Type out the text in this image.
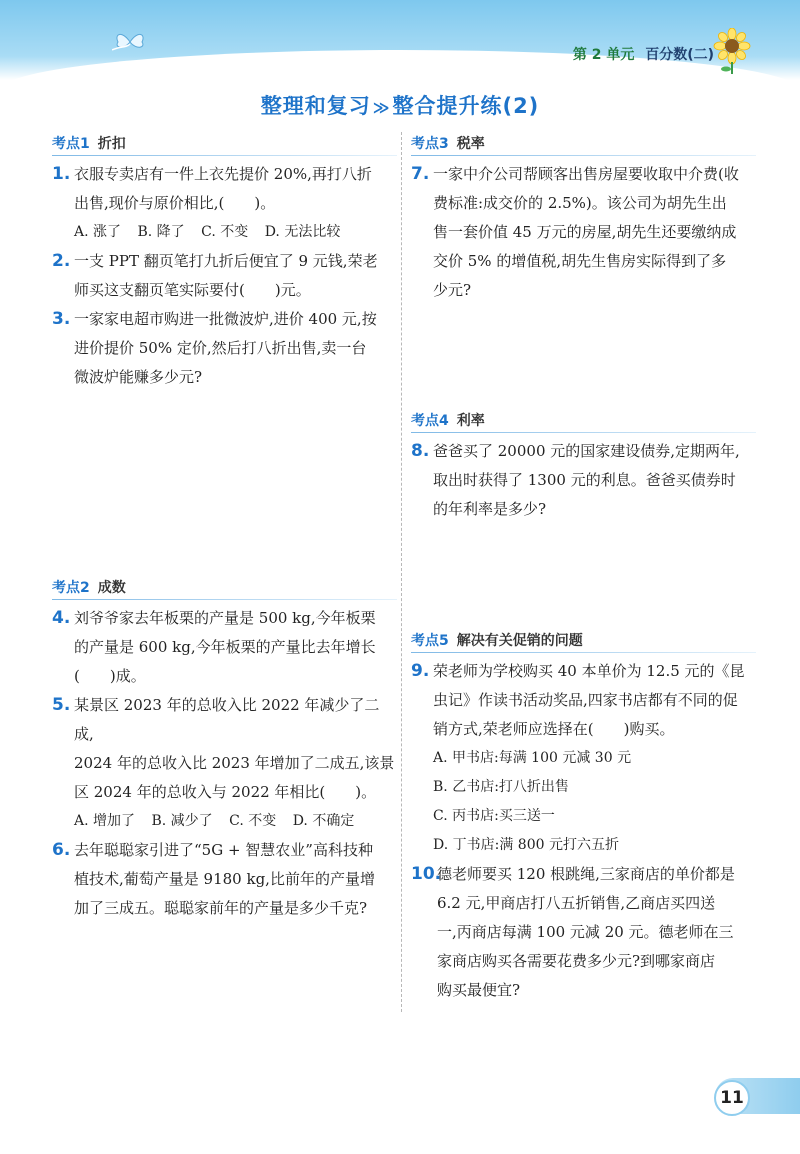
第 2 单元 百分数(二)
整理和复习 ≫整合提升练(2)
考点1 折扣
1. 衣服专卖店有一件上衣先提价 20%,再打八折
出售,现价与原价相比,(　　)。
A. 涨了 B. 降了 C. 不变 D. 无法比较
2. 一支 PPT 翻页笔打九折后便宜了 9 元钱,荣老
师买这支翻页笔实际要付(　　)元。
3. 一家家电超市购进一批微波炉,进价 400 元,按
进价提价 50% 定价,然后打八折出售,卖一台
微波炉能赚多少元?
考点2 成数
4. 刘爷爷家去年板栗的产量是 500 kg,今年板栗
的产量是 600 kg,今年板栗的产量比去年增长
(　　)成。
5. 某景区 2023 年的总收入比 2022 年减少了二成,
2024 年的总收入比 2023 年增加了二成五,该景
区 2024 年的总收入与 2022 年相比(　　)。
A. 增加了 B. 减少了 C. 不变 D. 不确定
6. 去年聪聪家引进了“5G + 智慧农业”高科技种
植技术,葡萄产量是 9180 kg,比前年的产量增
加了三成五。聪聪家前年的产量是多少千克?
考点3 税率
7. 一家中介公司帮顾客出售房屋要收取中介费(收
费标准:成交价的 2.5%)。该公司为胡先生出
售一套价值 45 万元的房屋,胡先生还要缴纳成
交价 5% 的增值税,胡先生售房实际得到了多
少元?
考点4 利率
8. 爸爸买了 20000 元的国家建设债券,定期两年,
取出时获得了 1300 元的利息。爸爸买债券时
的年利率是多少?
考点5 解决有关促销的问题
9. 荣老师为学校购买 40 本单价为 12.5 元的《昆
虫记》作读书活动奖品,四家书店都有不同的促
销方式,荣老师应选择在(　　)购买。
A. 甲书店:每满 100 元减 30 元
B. 乙书店:打八折出售
C. 丙书店:买三送一
D. 丁书店:满 800 元打六五折
10.
德老师要买 120 根跳绳,三家商店的单价都是
6.2 元,甲商店打八五折销售,乙商店买四送
一,丙商店每满 100 元减 20 元。德老师在三
家商店购买各需要花费多少元?到哪家商店
购买最便宜?
11
